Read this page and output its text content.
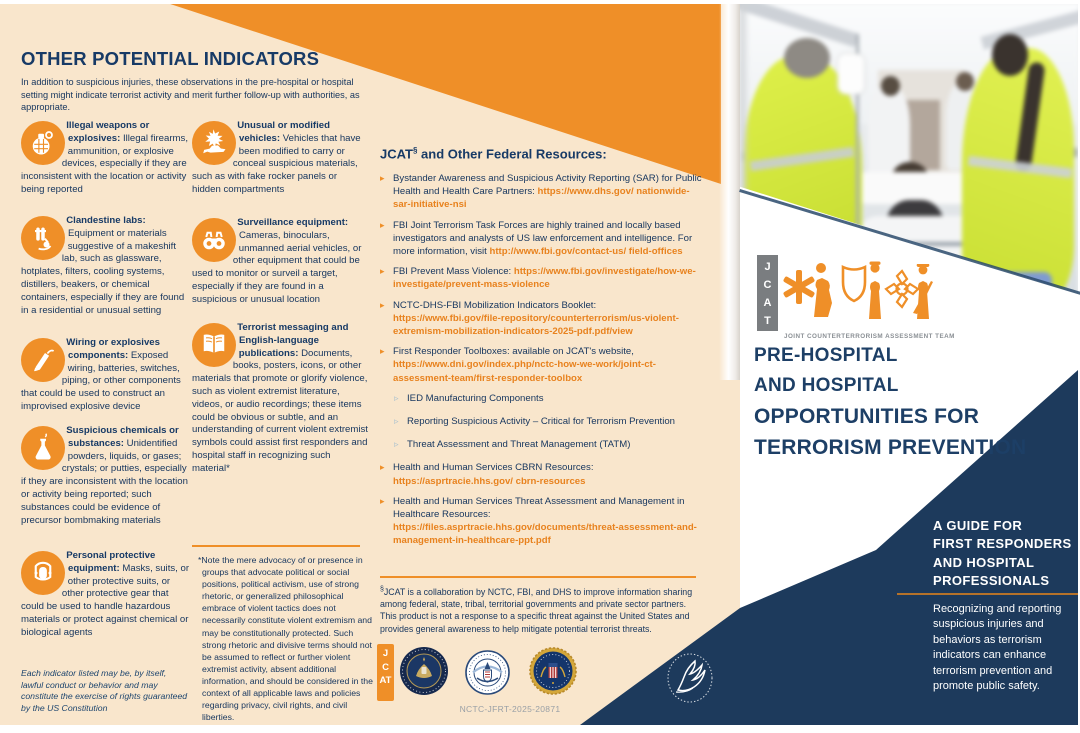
OTHER POTENTIAL INDICATORS
In addition to suspicious injuries, these observations in the pre-hospital or hospital setting might indicate terrorist activity and merit further follow-up with authorities, as appropriate.
Illegal weapons or explosives: Illegal firearms, ammunition, or explosive devices, especially if they are inconsistent with the location or activity being reported
Clandestine labs: Equipment or materials suggestive of a makeshift lab, such as glassware, hotplates, filters, cooling systems, distillers, beakers, or chemical containers, especially if they are found in a residential or unusual setting
Wiring or explosives components: Exposed wiring, batteries, switches, piping, or other components that could be used to construct an improvised explosive device
Suspicious chemicals or substances: Unidentified powders, liquids, or gases; crystals; or putties, especially if they are inconsistent with the location or activity being reported; such substances could be evidence of precursor bombmaking materials
Personal protective equipment: Masks, suits, or other protective suits, or other protective gear that could be used to handle hazardous materials or protect against chemical or biological agents
Unusual or modified vehicles: Vehicles that have been modified to carry or conceal suspicious materials, such as with fake rocker panels or hidden compartments
Surveillance equipment: Cameras, binoculars, unmanned aerial vehicles, or other equipment that could be used to monitor or surveil a target, especially if they are found in a suspicious or unusual location
Terrorist messaging and English-language publications: Documents, books, posters, icons, or other materials that promote or glorify violence, such as violent extremist literature, videos, or audio recordings; these items could be obvious or subtle, and an understanding of current violent extremist symbols could assist first responders and hospital staff in recognizing such material*
Each indicator listed may be, by itself, lawful conduct or behavior and may constitute the exercise of rights guaranteed by the US Constitution
*Note the mere advocacy of or presence in groups that advocate political or social positions, political activism, use of strong rhetoric, or generalized philosophical embrace of violent tactics does not necessarily constitute violent extremism and may be constitutionally protected. Such strong rhetoric and divisive terms should not be assumed to reflect or further violent extremist activity, absent additional information, and should be considered in the context of all applicable laws and policies regarding privacy, civil rights, and civil liberties.
JCAT§ and Other Federal Resources:
▸ Bystander Awareness and Suspicious Activity Reporting (SAR) for Public Health and Health Care Partners: https://www.dhs.gov/ nationwide-sar-initiative-nsi
▸ FBI Joint Terrorism Task Forces are highly trained and locally based investigators and analysts of US law enforcement and intelligence. For more information, visit http://www.fbi.gov/contact-us/ field-offices
▸ FBI Prevent Mass Violence: https://www.fbi.gov/investigate/how-we-investigate/prevent-mass-violence
▸ NCTC-DHS-FBI Mobilization Indicators Booklet: https://www.fbi.gov/file-repository/counterterrorism/us-violent-extremism-mobilization-indicators-2025-pdf.pdf/view
▸ First Responder Toolboxes: available on JCAT's website, https://www.dni.gov/index.php/nctc-how-we-work/joint-ct-assessment-team/first-responder-toolbox
▹ IED Manufacturing Components
▹ Reporting Suspicious Activity – Critical for Terrorism Prevention
▹ Threat Assessment and Threat Management (TATM)
▸ Health and Human Services CBRN Resources: https://asprtracie.hhs.gov/ cbrn-resources
▸ Health and Human Services Threat Assessment and Management in Healthcare Resources: https://files.asprtracie.hhs.gov/documents/threat-assessment-and-management-in-healthcare-ppt.pdf
§JCAT is a collaboration by NCTC, FBI, and DHS to improve information sharing among federal, state, tribal, territorial governments and private sector partners. This product is not a response to a specific threat against the United States and provides general awareness to help mitigate potential terrorist threats.
JCAT
NCTC-JFRT-2025-20871
JCAT
JOINT COUNTERTERRORISM ASSESSMENT TEAM
PRE-HOSPITAL
AND HOSPITAL
OPPORTUNITIES FOR
TERRORISM PREVENTION
A GUIDE FOR
FIRST RESPONDERS
AND HOSPITAL
PROFESSIONALS
Recognizing and reporting suspicious injuries and behaviors as terrorism indicators can enhance terrorism prevention and promote public safety.
